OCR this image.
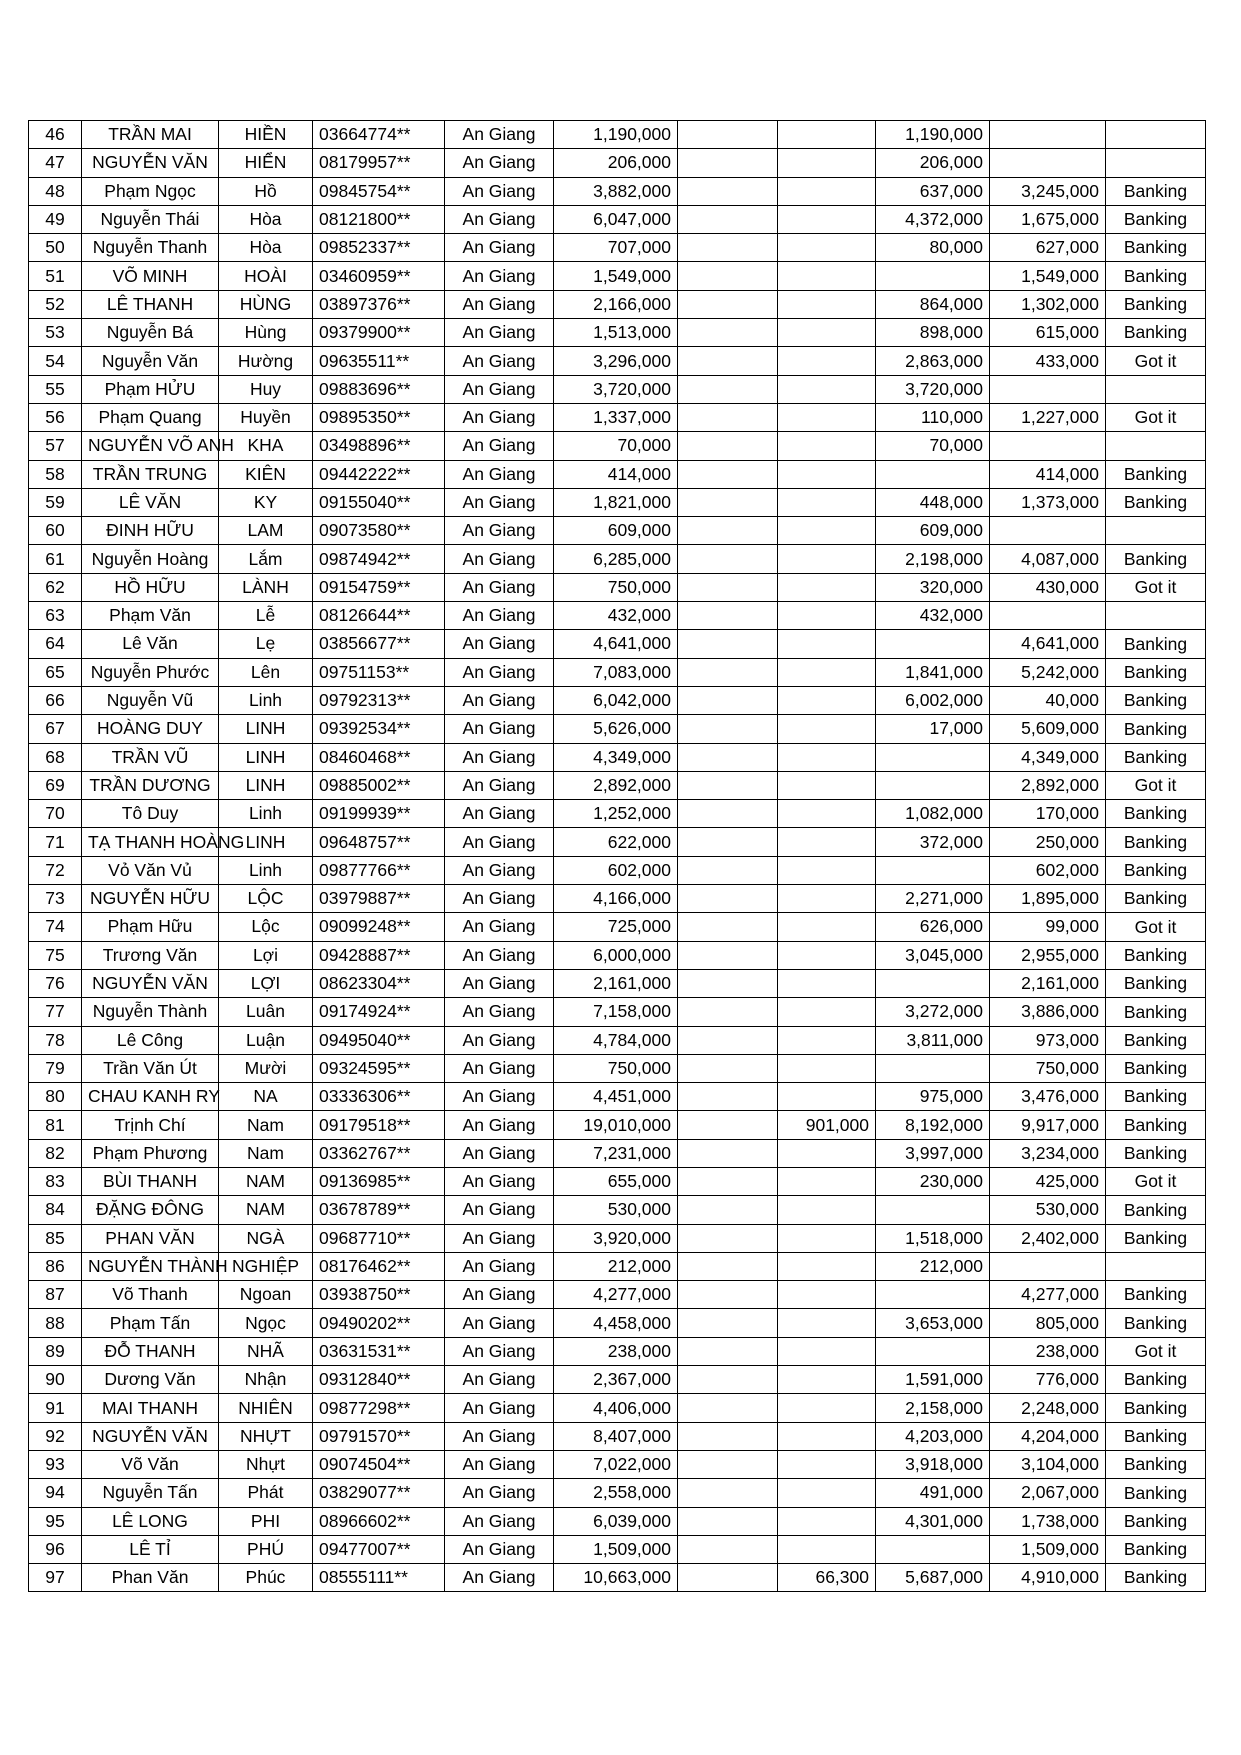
46	TRẦN MAI	HIỀN	03664774**	An Giang	1,190,000			1,190,000		
47	NGUYỄN VĂN	HIỂN	08179957**	An Giang	206,000			206,000		
48	Phạm Ngọc	Hồ	09845754**	An Giang	3,882,000			637,000	3,245,000	Banking
49	Nguyễn Thái	Hòa	08121800**	An Giang	6,047,000			4,372,000	1,675,000	Banking
50	Nguyễn Thanh	Hòa	09852337**	An Giang	707,000			80,000	627,000	Banking
51	VÕ MINH	HOÀI	03460959**	An Giang	1,549,000				1,549,000	Banking
52	LÊ THANH	HÙNG	03897376**	An Giang	2,166,000			864,000	1,302,000	Banking
53	Nguyễn Bá	Hùng	09379900**	An Giang	1,513,000			898,000	615,000	Banking
54	Nguyễn Văn	Hường	09635511**	An Giang	3,296,000			2,863,000	433,000	Got it
55	Phạm HỬU	Huy	09883696**	An Giang	3,720,000			3,720,000		
56	Phạm Quang	Huyền	09895350**	An Giang	1,337,000			110,000	1,227,000	Got it
57	NGUYỄN VÕ ANH	KHA	03498896**	An Giang	70,000			70,000		
58	TRẦN TRUNG	KIÊN	09442222**	An Giang	414,000				414,000	Banking
59	LÊ VĂN	KY	09155040**	An Giang	1,821,000			448,000	1,373,000	Banking
60	ĐINH HỮU	LAM	09073580**	An Giang	609,000			609,000		
61	Nguyễn Hoàng	Lắm	09874942**	An Giang	6,285,000			2,198,000	4,087,000	Banking
62	HỒ HỮU	LÀNH	09154759**	An Giang	750,000			320,000	430,000	Got it
63	Phạm Văn	Lễ	08126644**	An Giang	432,000			432,000		
64	Lê Văn	Lẹ	03856677**	An Giang	4,641,000				4,641,000	Banking
65	Nguyễn Phước	Lên	09751153**	An Giang	7,083,000			1,841,000	5,242,000	Banking
66	Nguyễn Vũ	Linh	09792313**	An Giang	6,042,000			6,002,000	40,000	Banking
67	HOÀNG DUY	LINH	09392534**	An Giang	5,626,000			17,000	5,609,000	Banking
68	TRẦN VŨ	LINH	08460468**	An Giang	4,349,000				4,349,000	Banking
69	TRẦN DƯƠNG	LINH	09885002**	An Giang	2,892,000				2,892,000	Got it
70	Tô Duy	Linh	09199939**	An Giang	1,252,000			1,082,000	170,000	Banking
71	TẠ THANH HOÀNG	LINH	09648757**	An Giang	622,000			372,000	250,000	Banking
72	Vỏ Văn Vủ	Linh	09877766**	An Giang	602,000				602,000	Banking
73	NGUYỄN HỮU	LỘC	03979887**	An Giang	4,166,000			2,271,000	1,895,000	Banking
74	Phạm Hữu	Lộc	09099248**	An Giang	725,000			626,000	99,000	Got it
75	Trương Văn	Lợi	09428887**	An Giang	6,000,000			3,045,000	2,955,000	Banking
76	NGUYỄN VĂN	LỢI	08623304**	An Giang	2,161,000				2,161,000	Banking
77	Nguyễn Thành	Luân	09174924**	An Giang	7,158,000			3,272,000	3,886,000	Banking
78	Lê Công	Luận	09495040**	An Giang	4,784,000			3,811,000	973,000	Banking
79	Trần Văn Út	Mười	09324595**	An Giang	750,000				750,000	Banking
80	CHAU KANH RY	NA	03336306**	An Giang	4,451,000			975,000	3,476,000	Banking
81	Trịnh Chí	Nam	09179518**	An Giang	19,010,000		901,000	8,192,000	9,917,000	Banking
82	Phạm Phương	Nam	03362767**	An Giang	7,231,000			3,997,000	3,234,000	Banking
83	BÙI THANH	NAM	09136985**	An Giang	655,000			230,000	425,000	Got it
84	ĐẶNG ĐÔNG	NAM	03678789**	An Giang	530,000				530,000	Banking
85	PHAN VĂN	NGÀ	09687710**	An Giang	3,920,000			1,518,000	2,402,000	Banking
86	NGUYỄN THÀNH	NGHIỆP	08176462**	An Giang	212,000			212,000		
87	Võ Thanh	Ngoan	03938750**	An Giang	4,277,000				4,277,000	Banking
88	Phạm Tấn	Ngọc	09490202**	An Giang	4,458,000			3,653,000	805,000	Banking
89	ĐỖ THANH	NHÃ	03631531**	An Giang	238,000				238,000	Got it
90	Dương Văn	Nhận	09312840**	An Giang	2,367,000			1,591,000	776,000	Banking
91	MAI THANH	NHIÊN	09877298**	An Giang	4,406,000			2,158,000	2,248,000	Banking
92	NGUYỄN VĂN	NHỰT	09791570**	An Giang	8,407,000			4,203,000	4,204,000	Banking
93	Võ Văn	Nhựt	09074504**	An Giang	7,022,000			3,918,000	3,104,000	Banking
94	Nguyễn Tấn	Phát	03829077**	An Giang	2,558,000			491,000	2,067,000	Banking
95	LÊ LONG	PHI	08966602**	An Giang	6,039,000			4,301,000	1,738,000	Banking
96	LÊ TỈ	PHÚ	09477007**	An Giang	1,509,000				1,509,000	Banking
97	Phan Văn	Phúc	08555111**	An Giang	10,663,000		66,300	5,687,000	4,910,000	Banking
